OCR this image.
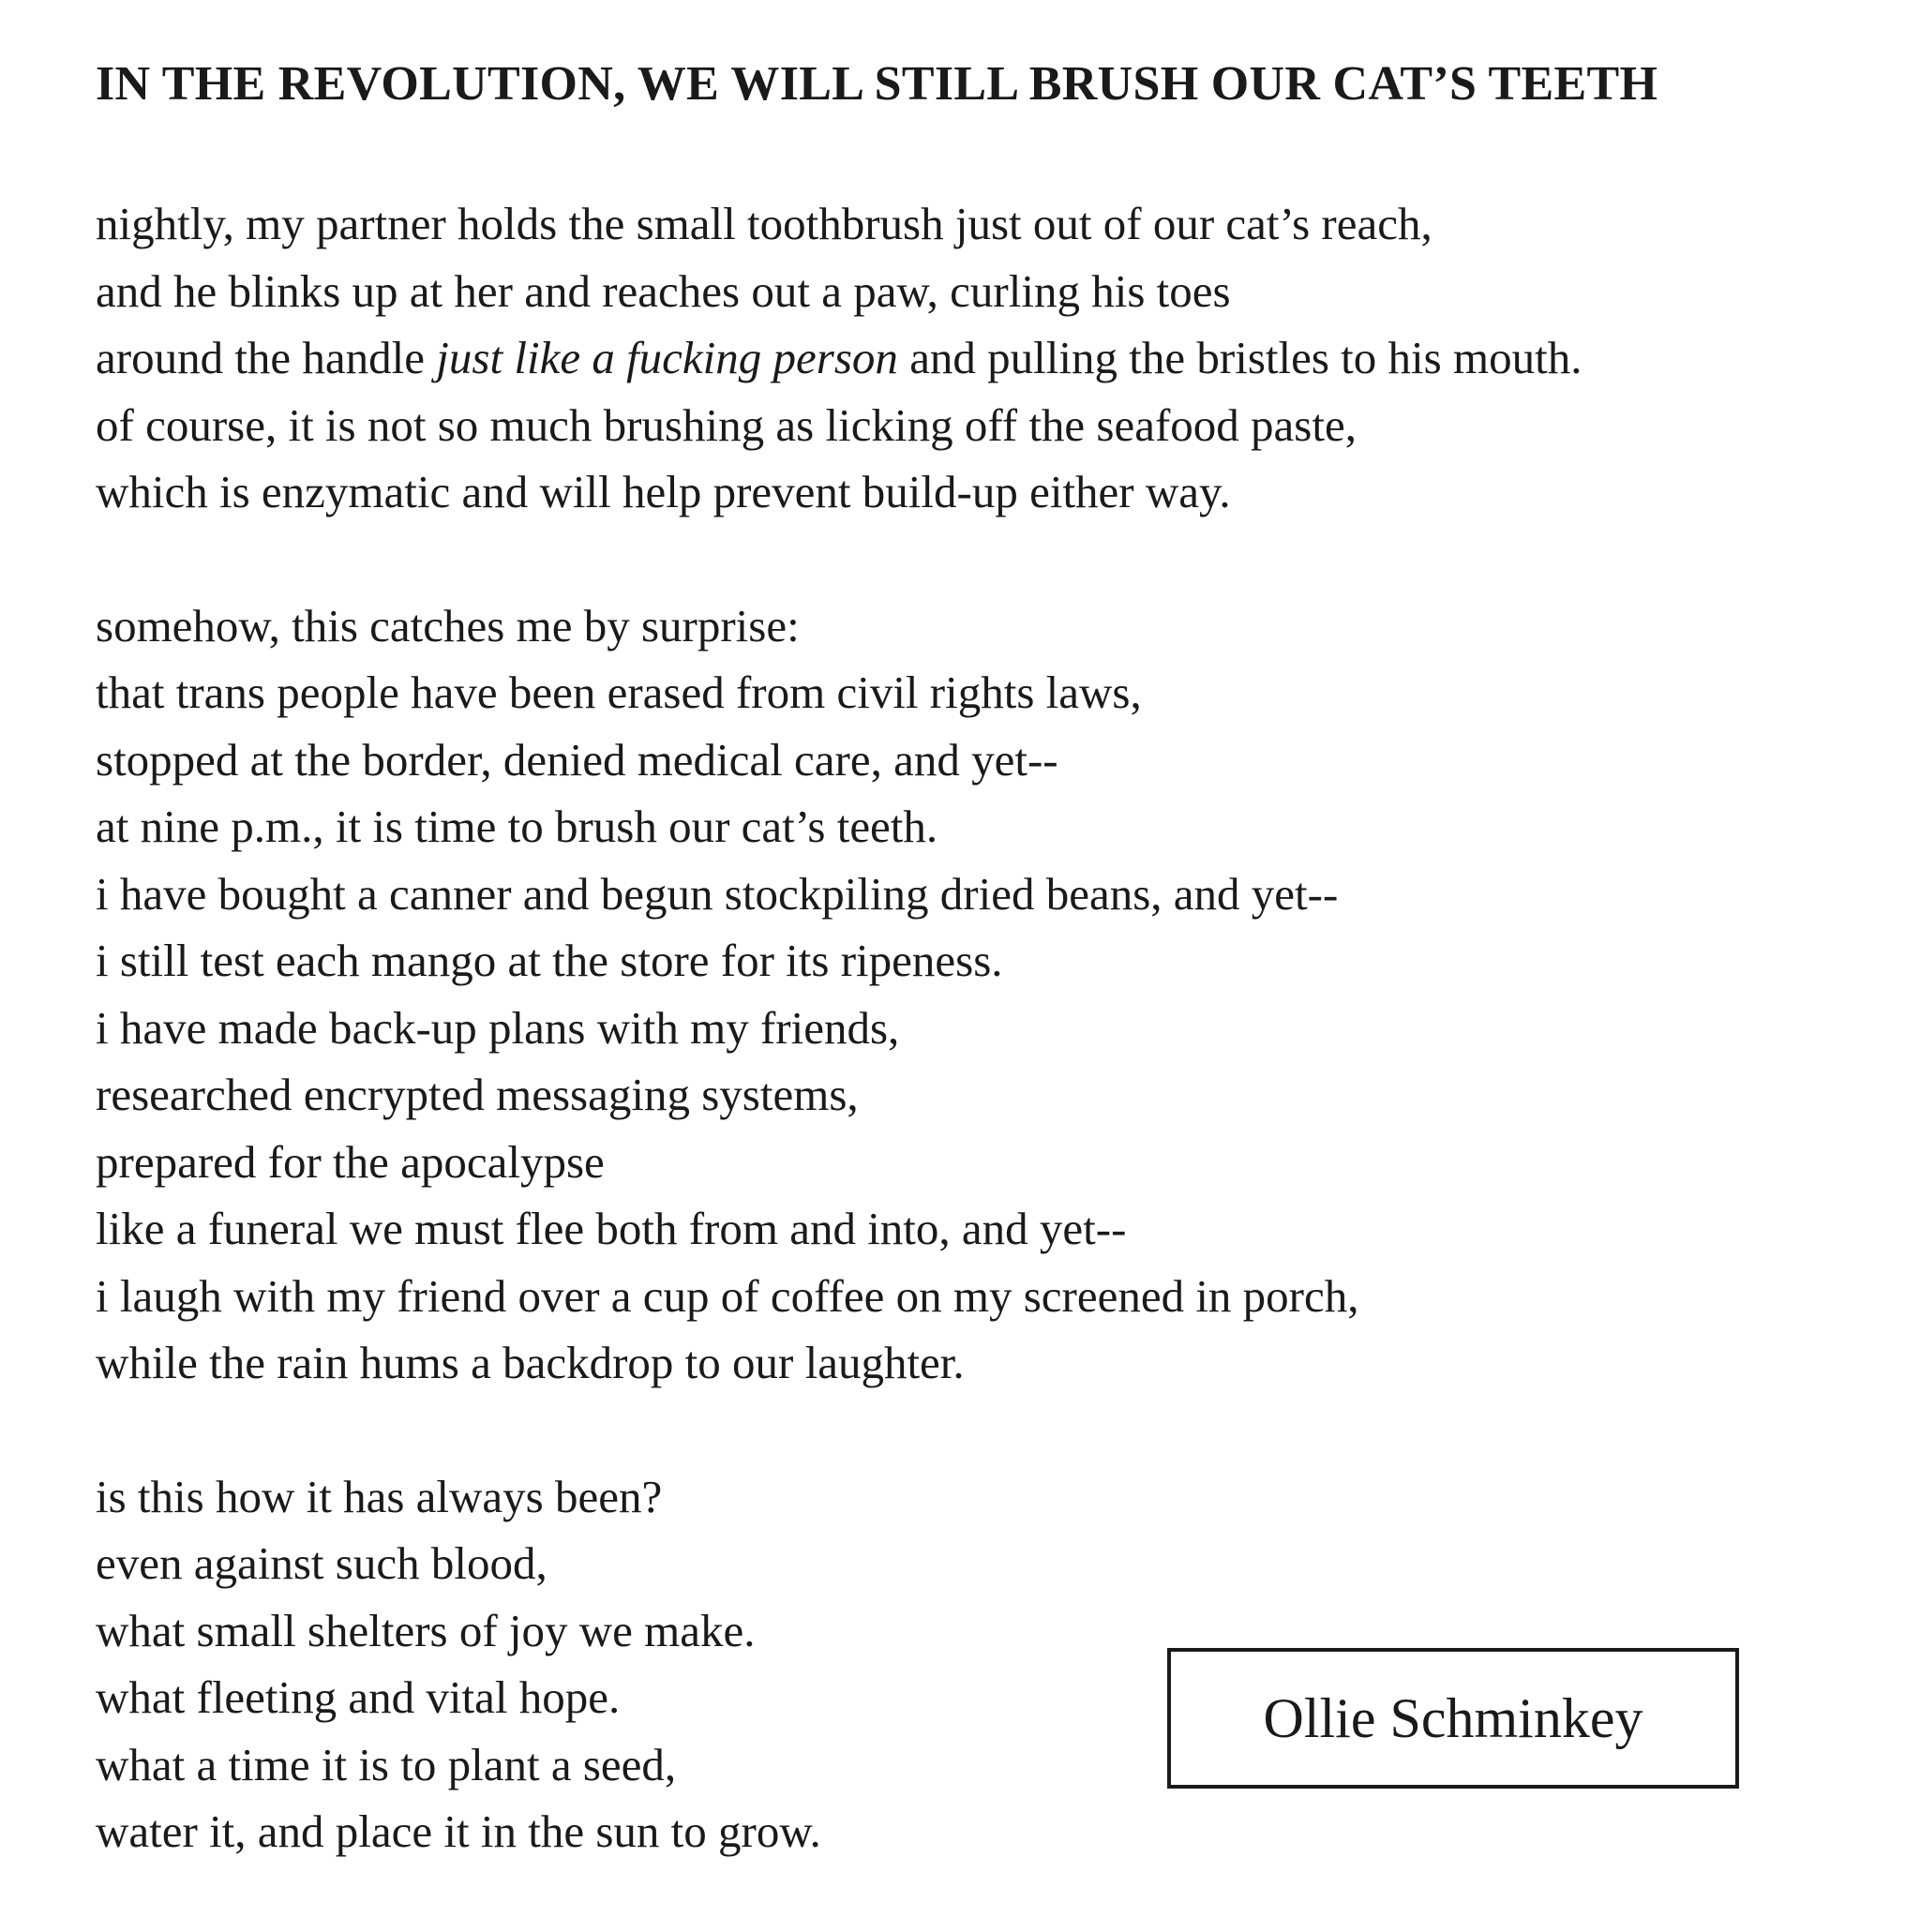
IN THE REVOLUTION, WE WILL STILL BRUSH OUR CAT’S TEETH
nightly, my partner holds the small toothbrush just out of our cat’s reach,
and he blinks up at her and reaches out a paw, curling his toes
around the handle just like a fucking person and pulling the bristles to his mouth.
of course, it is not so much brushing as licking off the seafood paste,
which is enzymatic and will help prevent build-up either way.
somehow, this catches me by surprise:
that trans people have been erased from civil rights laws,
stopped at the border, denied medical care, and yet--
at nine p.m., it is time to brush our cat’s teeth.
i have bought a canner and begun stockpiling dried beans, and yet--
i still test each mango at the store for its ripeness.
i have made back-up plans with my friends,
researched encrypted messaging systems,
prepared for the apocalypse
like a funeral we must flee both from and into, and yet--
i laugh with my friend over a cup of coffee on my screened in porch,
while the rain hums a backdrop to our laughter.
is this how it has always been?
even against such blood,
what small shelters of joy we make.
what fleeting and vital hope.
what a time it is to plant a seed,
water it, and place it in the sun to grow.
Ollie Schminkey
